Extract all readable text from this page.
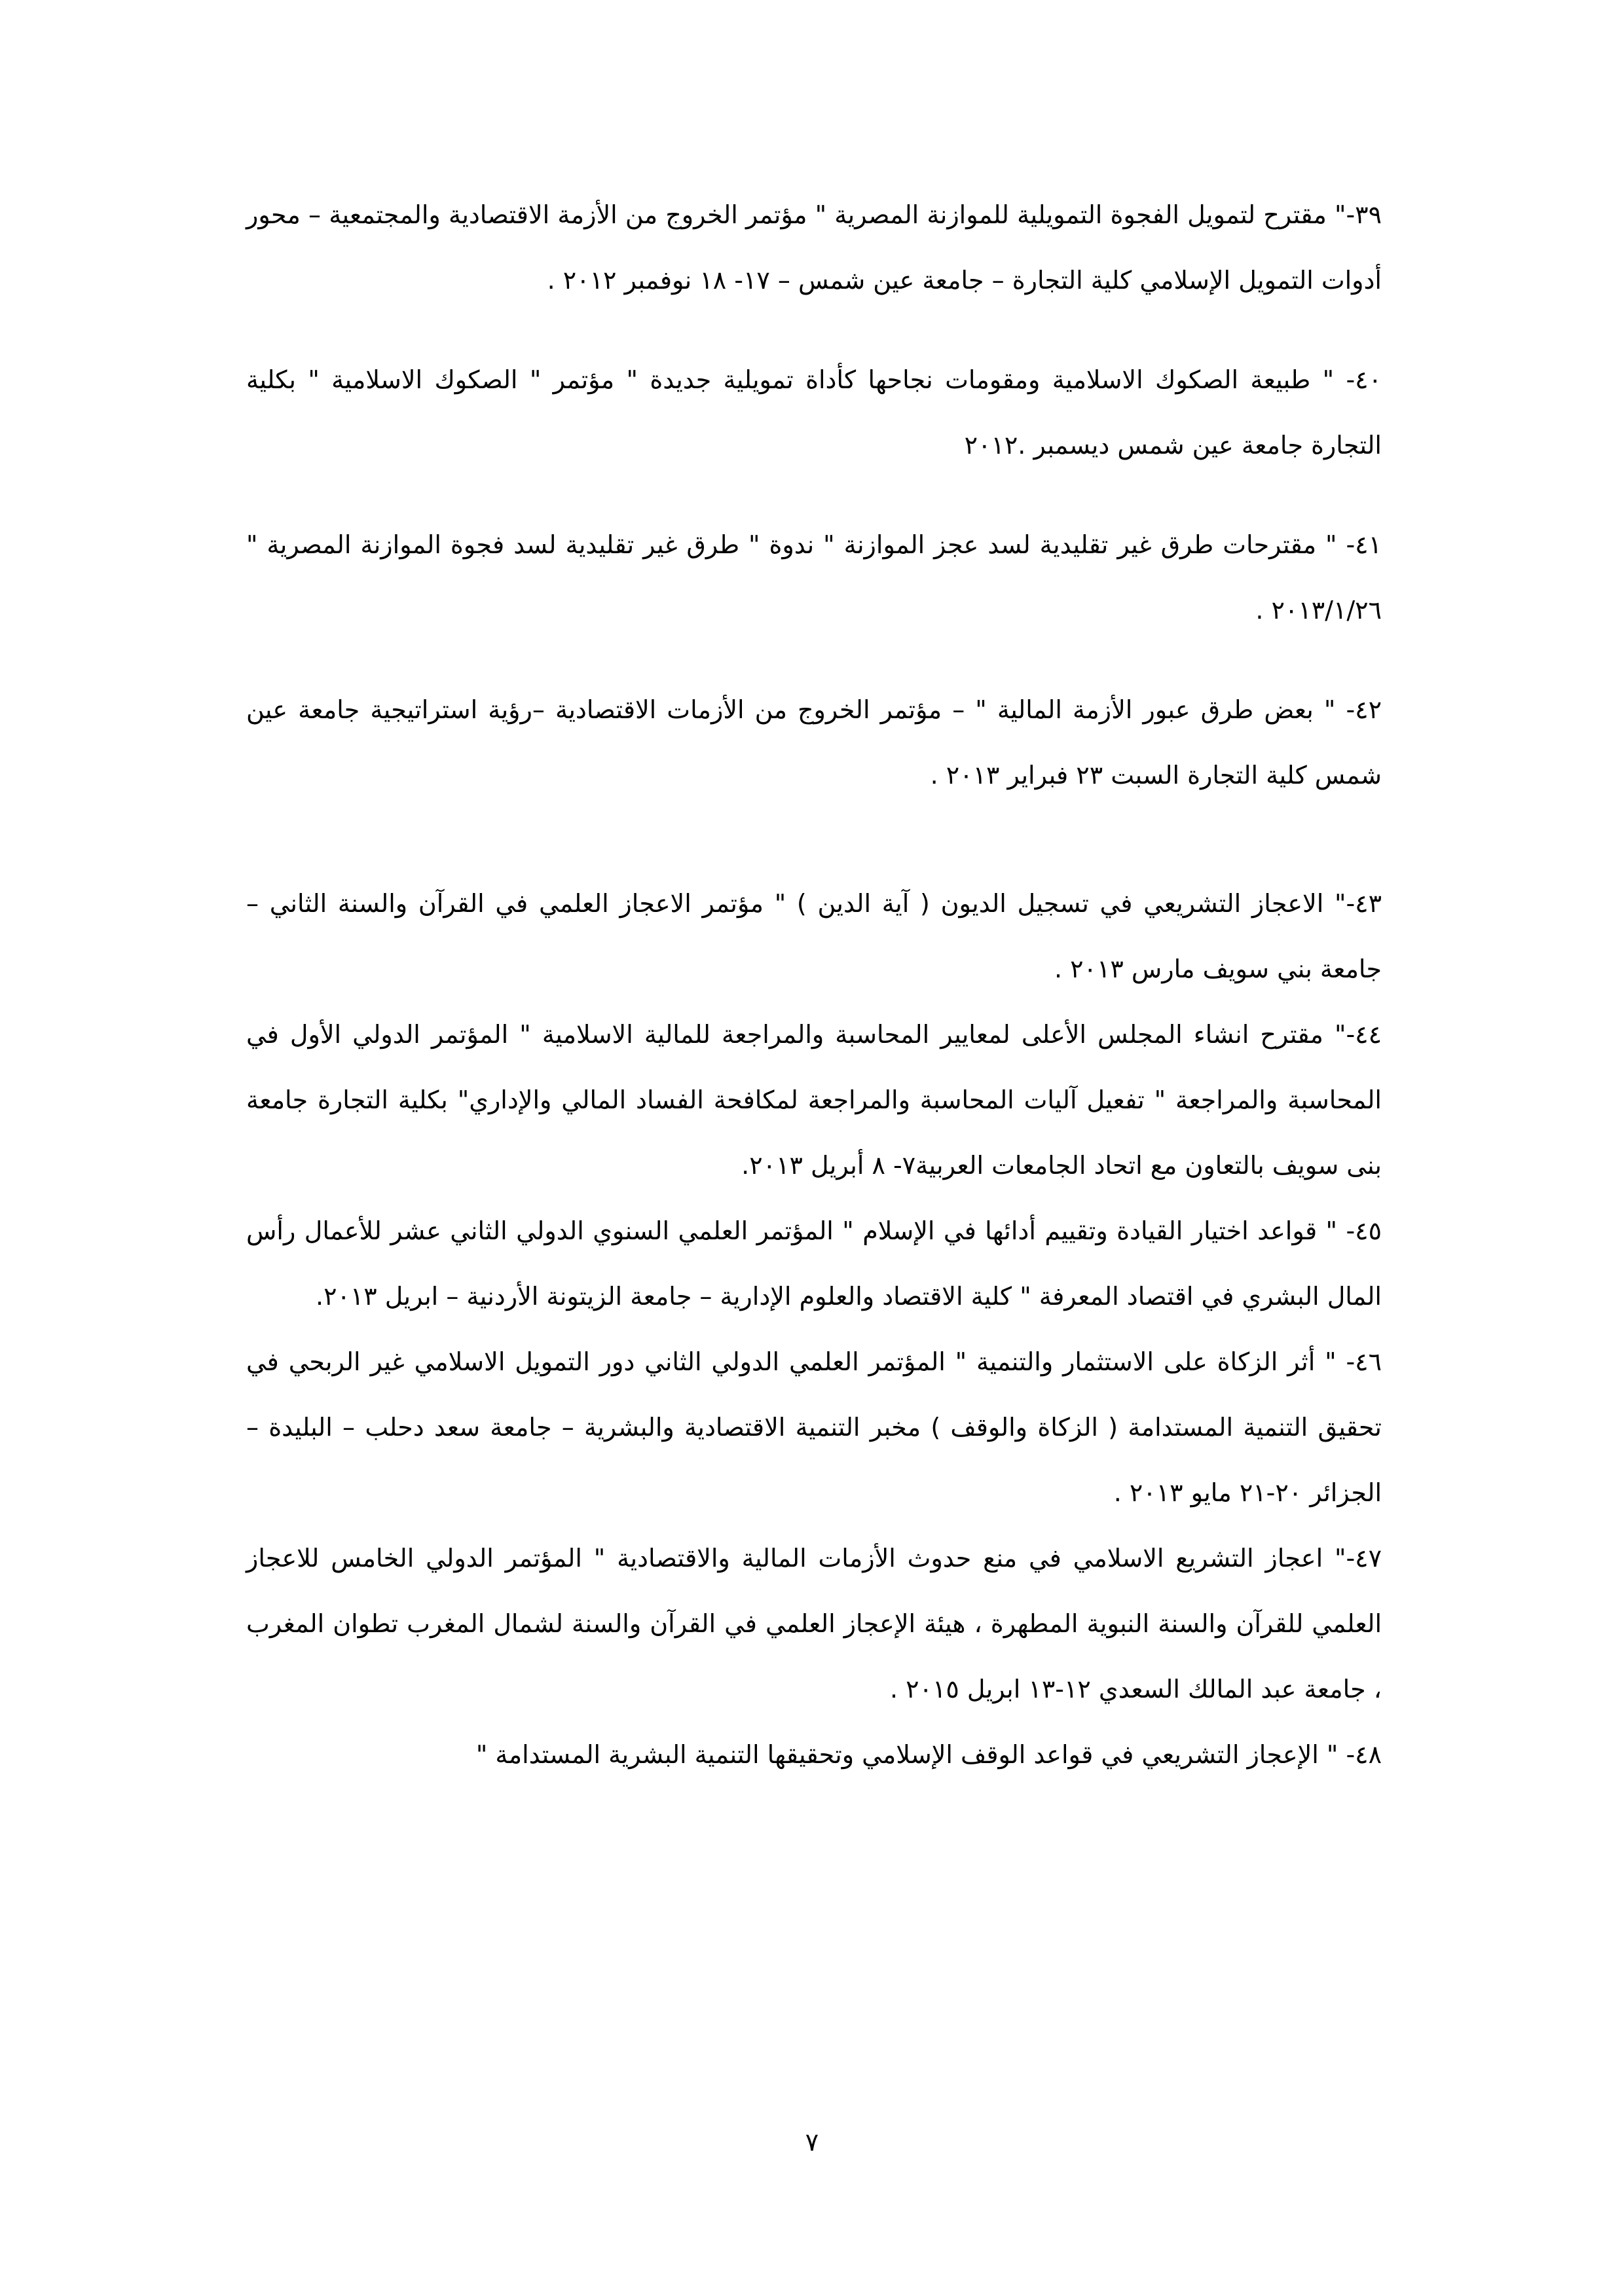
٣٩-" مقترح لتمويل الفجوة التمويلية للموازنة المصرية " مؤتمر الخروج من الأزمة الاقتصادية والمجتمعية – محور أدوات التمويل الإسلامي كلية التجارة – جامعة عين شمس – ١٧- ١٨ نوفمبر ٢٠١٢ .

٤٠- " طبيعة الصكوك الاسلامية ومقومات نجاحها كأداة تمويلية جديدة " مؤتمر " الصكوك الاسلامية " بكلية التجارة جامعة عين شمس ديسمبر .٢٠١٢

٤١- " مقترحات طرق غير تقليدية لسد عجز الموازنة " ندوة " طرق غير تقليدية لسد فجوة الموازنة المصرية " ٢٠١٣/١/٢٦ .

٤٢- " بعض طرق عبور الأزمة المالية " – مؤتمر الخروج من الأزمات الاقتصادية –رؤية استراتيجية جامعة عين شمس كلية التجارة السبت ٢٣ فبراير ٢٠١٣ .

٤٣-" الاعجاز التشريعي في تسجيل الديون ( آية الدين ) " مؤتمر الاعجاز العلمي في القرآن والسنة الثاني – جامعة بني سويف مارس ٢٠١٣ .

٤٤-" مقترح انشاء المجلس الأعلى لمعايير المحاسبة والمراجعة للمالية الاسلامية " المؤتمر الدولي الأول في المحاسبة والمراجعة " تفعيل آليات المحاسبة والمراجعة لمكافحة الفساد المالي والإداري" بكلية التجارة جامعة بنى سويف بالتعاون مع اتحاد الجامعات العربية٧- ٨ أبريل ٢٠١٣.

٤٥- " قواعد اختيار القيادة وتقييم أدائها في الإسلام " المؤتمر العلمي السنوي الدولي الثاني عشر للأعمال رأس المال البشري في اقتصاد المعرفة " كلية الاقتصاد والعلوم الإدارية – جامعة الزيتونة الأردنية – ابريل ٢٠١٣.

٤٦- " أثر الزكاة على الاستثمار والتنمية " المؤتمر العلمي الدولي الثاني دور التمويل الاسلامي غير الربحي في تحقيق التنمية المستدامة ( الزكاة والوقف ) مخبر التنمية الاقتصادية والبشرية – جامعة سعد دحلب – البليدة –الجزائر ٢٠-٢١ مايو ٢٠١٣ .

٤٧-" اعجاز التشريع الاسلامي في منع حدوث الأزمات المالية والاقتصادية " المؤتمر الدولي الخامس للاعجاز العلمي للقرآن والسنة النبوية المطهرة ، هيئة الإعجاز العلمي في القرآن والسنة لشمال المغرب تطوان المغرب ، جامعة عبد المالك السعدي ١٢-١٣ ابريل ٢٠١٥ .

٤٨- " الإعجاز التشريعي في قواعد الوقف الإسلامي وتحقيقها التنمية البشرية المستدامة "

٧
